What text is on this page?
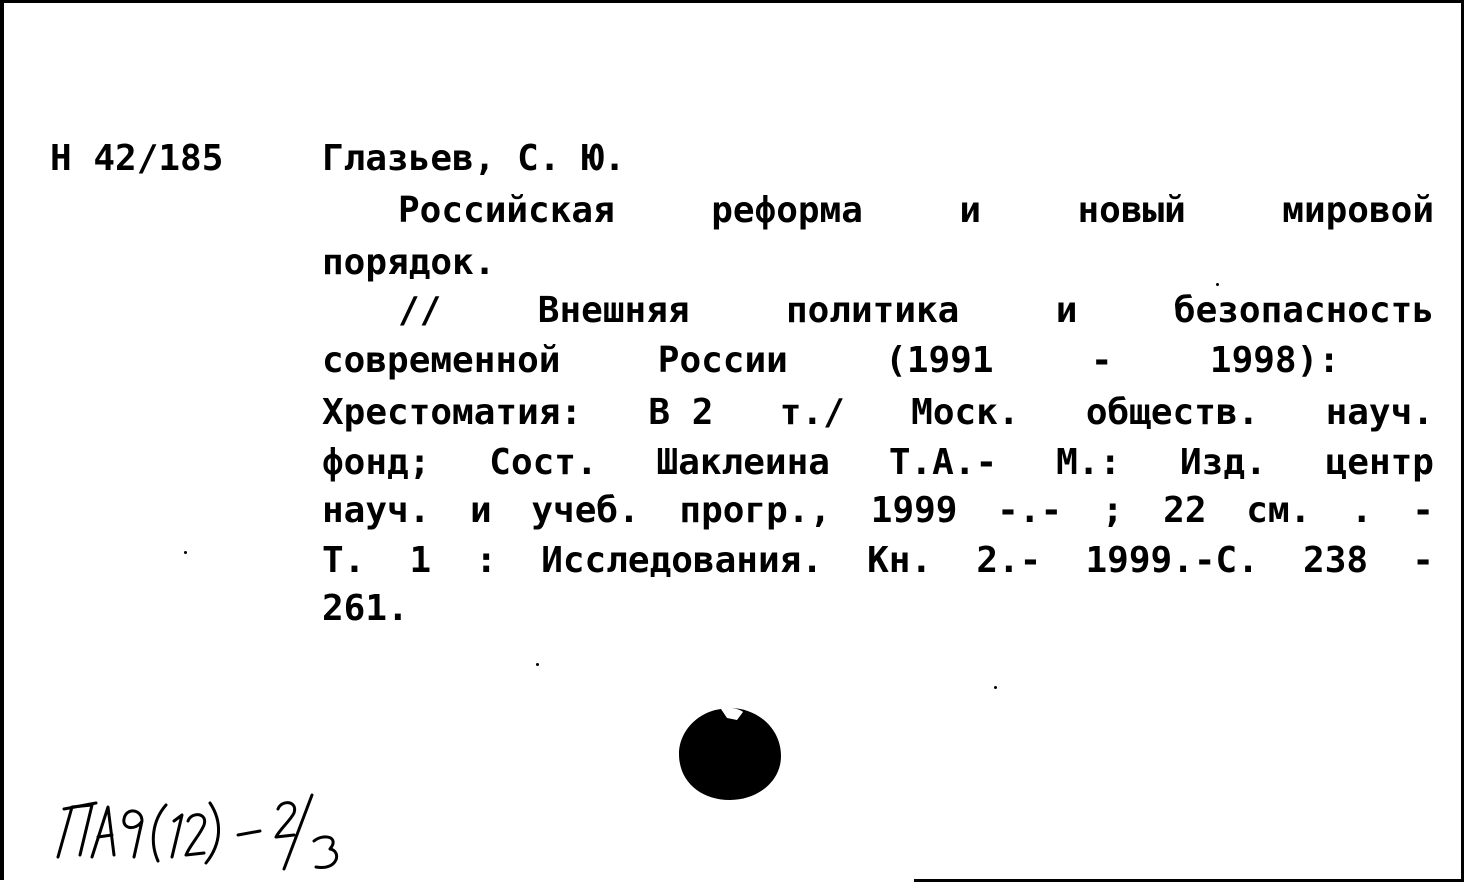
Н 42/185	Глазьев, С. Ю.
Российская	реформа	и	новый	мировой
порядок.
//	Внешняя	политика	и	безопасность
современной	России	(1991	-	1998):
Хрестоматия: В 2 т./ Моск. обществ. науч.
фонд; Сост. Шаклеина Т.А.- М.: Изд. центр
науч. и учеб. прогр., 1999 -.- ; 22 см. . -
Т. 1 : Исследования. Кн. 2.- 1999.-С. 238 -
261.
